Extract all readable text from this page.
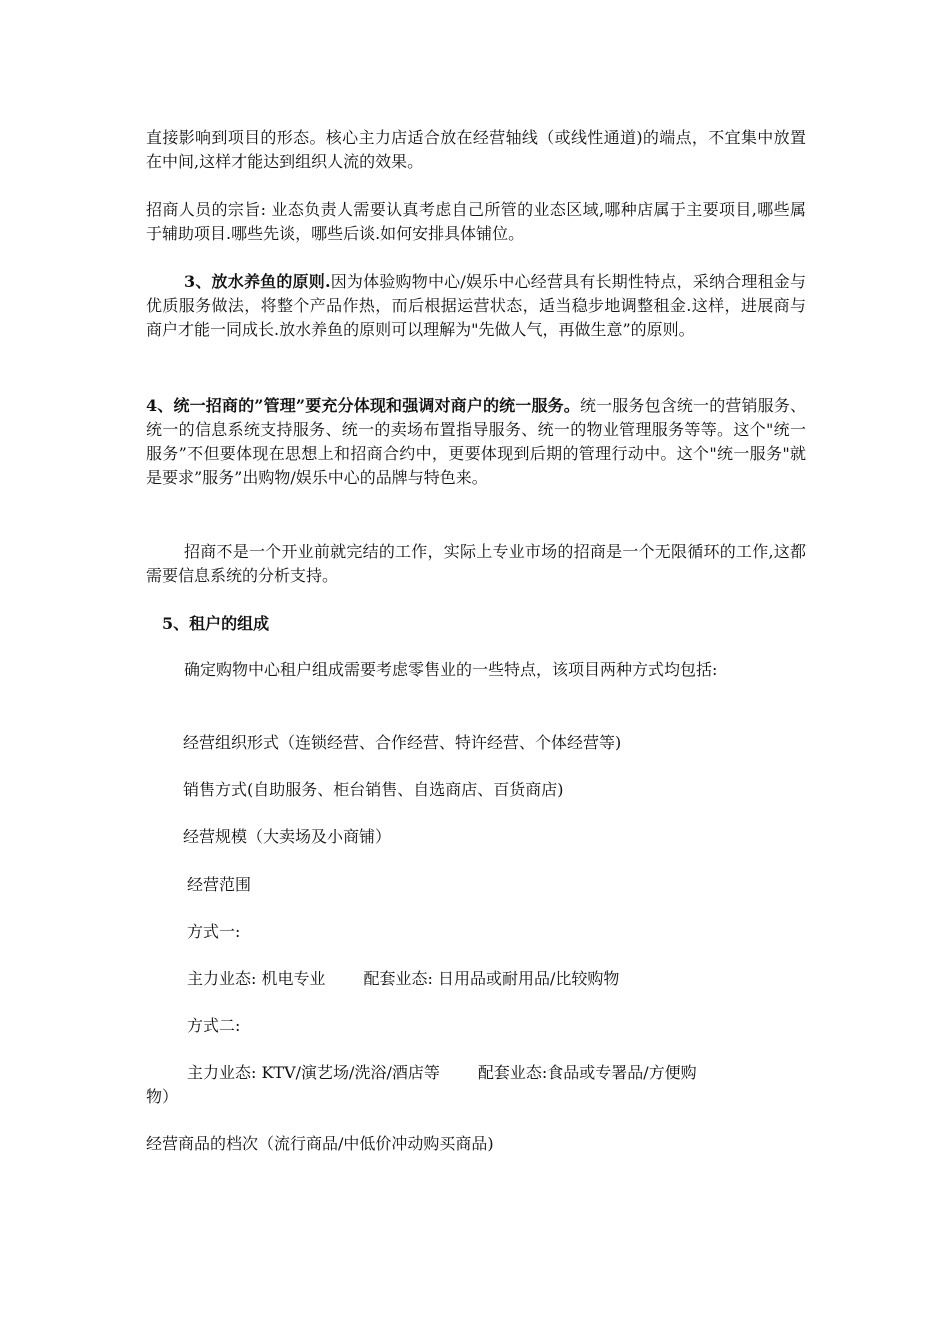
直接影响到项目的形态。核心主力店适合放在经营轴线（或线性通道)的端点，不宜集中放置在中间,这样才能达到组织人流的效果。

招商人员的宗旨: 业态负责人需要认真考虑自己所管的业态区域,哪种店属于主要项目,哪些属于辅助项目.哪些先谈，哪些后谈.如何安排具体铺位。

3、放水养鱼的原则.因为体验购物中心/娱乐中心经营具有长期性特点，采纳合理租金与优质服务做法，将整个产品作热，而后根据运营状态，适当稳步地调整租金.这样，进展商与商户才能一同成长.放水养鱼的原则可以理解为"先做人气，再做生意”的原则。

4、统一招商的”管理”要充分体现和强调对商户的统一服务。统一服务包含统一的营销服务、统一的信息系统支持服务、统一的卖场布置指导服务、统一的物业管理服务等等。这个"统一服务”不但要体现在思想上和招商合约中，更要体现到后期的管理行动中。这个"统一服务"就是要求”服务”出购物/娱乐中心的品牌与特色来。

招商不是一个开业前就完结的工作，实际上专业市场的招商是一个无限循环的工作,这都需要信息系统的分析支持。

5、租户的组成

确定购物中心租户组成需要考虑零售业的一些特点，该项目两种方式均包括:

经营组织形式（连锁经营、合作经营、特许经营、个体经营等)

销售方式(自助服务、柜台销售、自选商店、百货商店)

经营规模（大卖场及小商铺）

经营范围

方式一:

主力业态: 机电专业 配套业态: 日用品或耐用品/比较购物

方式二:

主力业态: KTV/演艺场/洗浴/酒店等 配套业态:食品或专署品/方便购

物）

经营商品的档次（流行商品/中低价冲动购买商品)
